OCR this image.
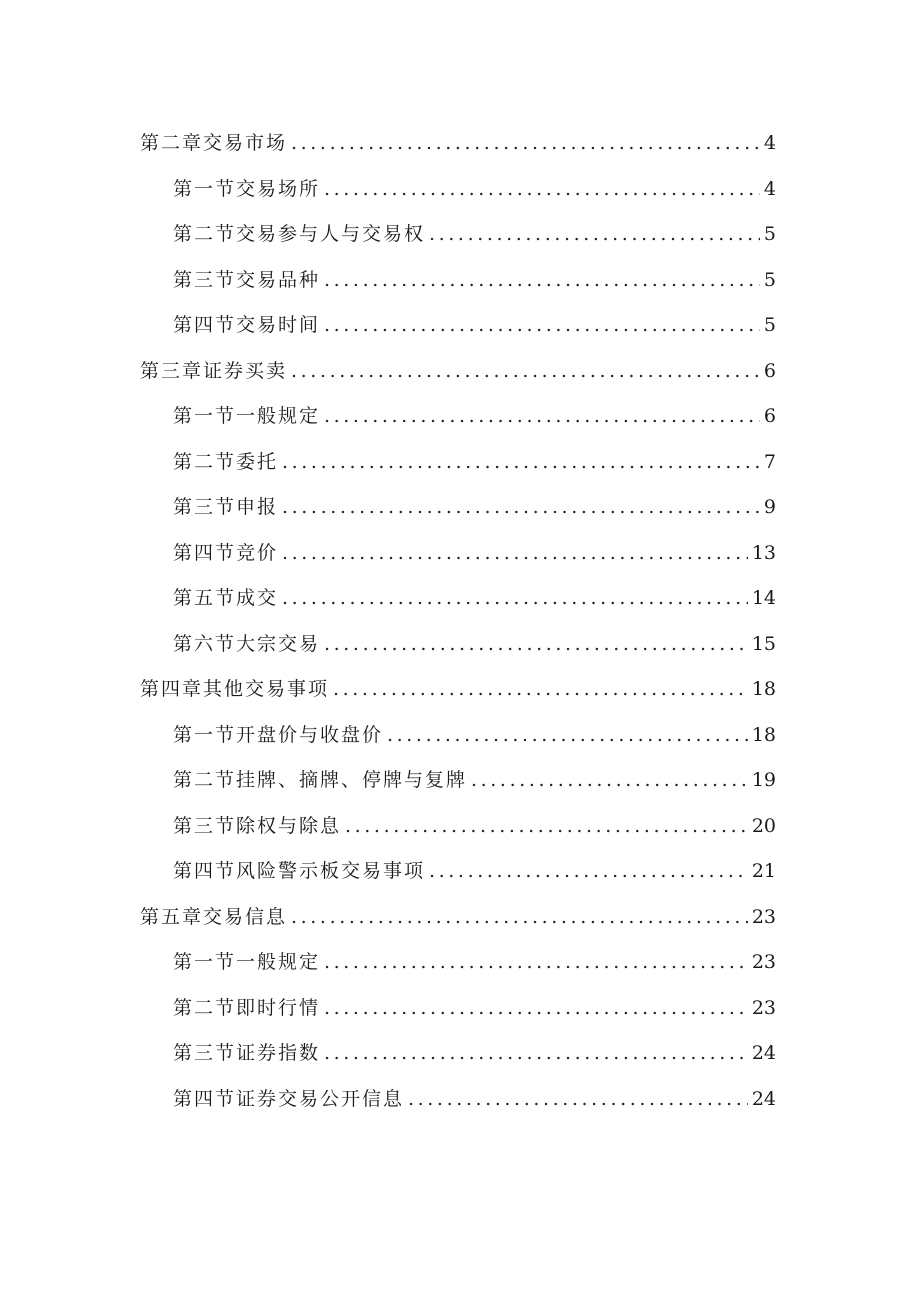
第二章交易市场 .....	4
第一节交易场所 .....	4
第二节交易参与人与交易权 .....	5
第三节交易品种 .....	5
第四节交易时间 .....	5
第三章证券买卖 .....	6
第一节一般规定 .....	6
第二节委托 .....	7
第三节申报 .....	9
第四节竞价 .....	13
第五节成交 .....	14
第六节大宗交易 .....	15
第四章其他交易事项 .....	18
第一节开盘价与收盘价 .....	18
第二节挂牌、摘牌、停牌与复牌 .....	19
第三节除权与除息 .....	20
第四节风险警示板交易事项 .....	21
第五章交易信息 .....	23
第一节一般规定 .....	23
第二节即时行情 .....	23
第三节证券指数 .....	24
第四节证券交易公开信息 .....	24
